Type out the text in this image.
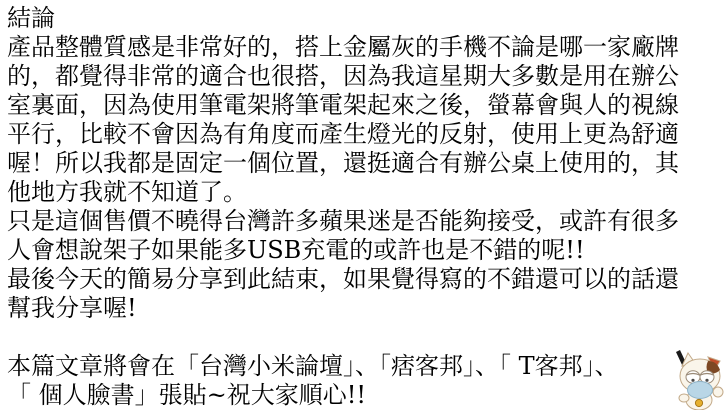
結論
產品整體質感是非常好的，搭上金屬灰的手機不論是哪一家廠牌
的，都覺得非常的適合也很搭，因為我這星期大多數是用在辦公
室裏面，因為使用筆電架將筆電架起來之後，螢幕會與人的視線
平行，比較不會因為有角度而產生燈光的反射，使用上更為舒適
喔！所以我都是固定一個位置，還挺適合有辦公桌上使用的，其
他地方我就不知道了。
只是這個售價不曉得台灣許多蘋果迷是否能夠接受，或許有很多
人會想說架子如果能多USB充電的或許也是不錯的呢!!
最後今天的簡易分享到此結束，如果覺得寫的不錯還可以的話還
幫我分享喔!
本篇文章將會在「台灣小米論壇」、「痞客邦」、「 T客邦」、
「 個人臉書」張貼~祝大家順心!!
